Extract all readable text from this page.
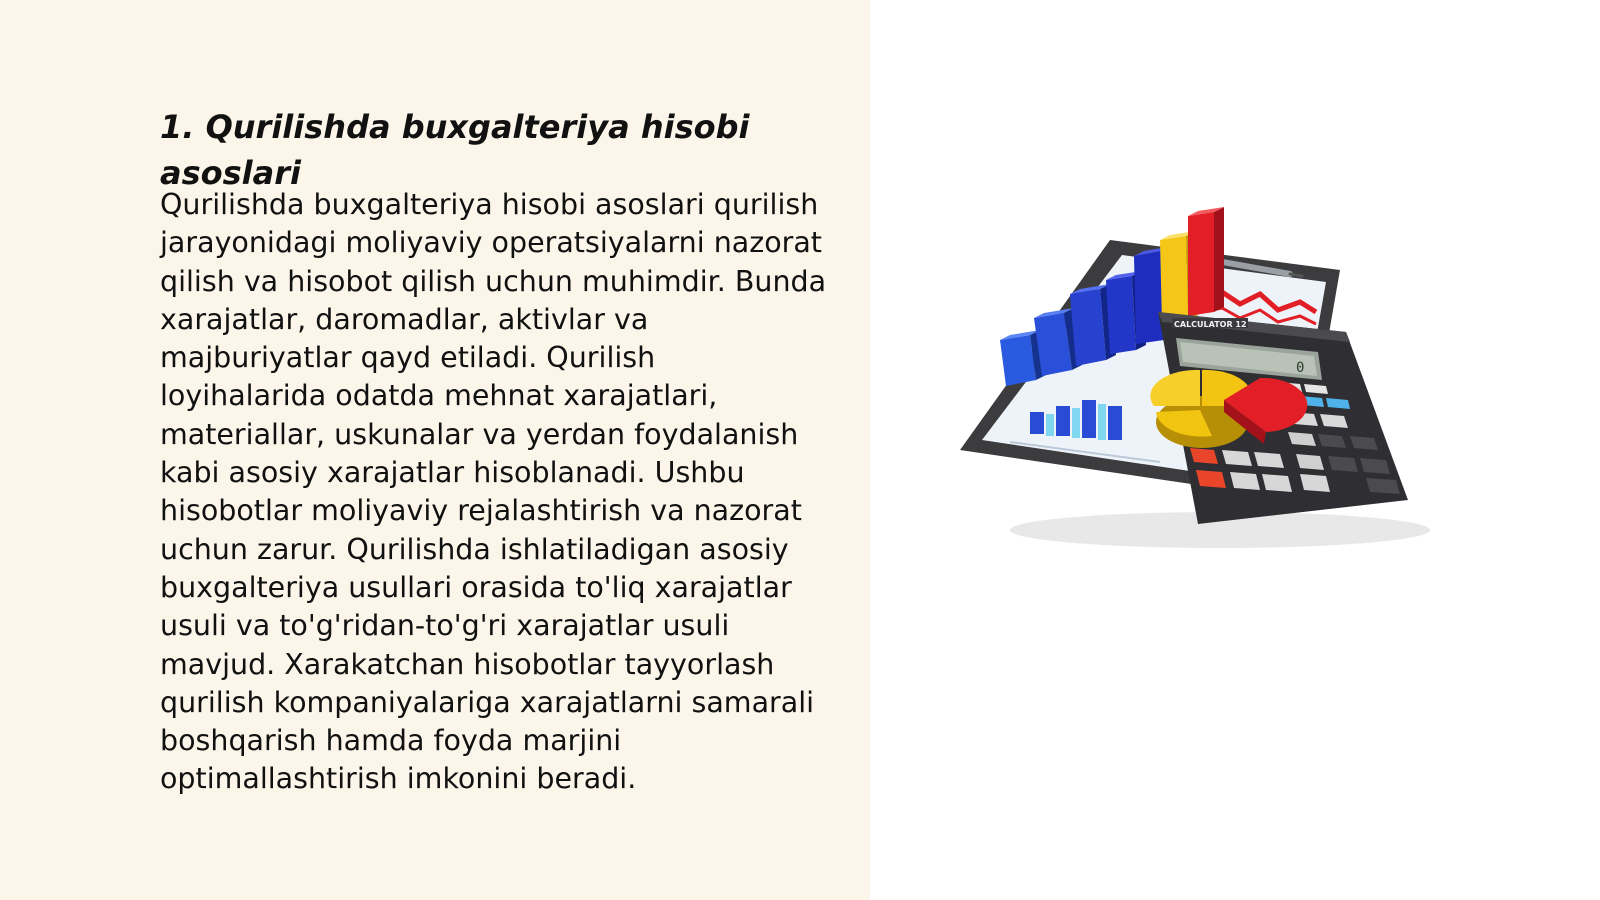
1. Qurilishda buxgalteriya hisobi asoslari

Qurilishda buxgalteriya hisobi asoslari qurilish jarayonidagi moliyaviy operatsiyalarni nazorat qilish va hisobot qilish uchun muhimdir. Bunda xarajatlar, daromadlar, aktivlar va majburiyatlar qayd etiladi. Qurilish loyihalarida odatda mehnat xarajatlari, materiallar, uskunalar va yerdan foydalanish kabi asosiy xarajatlar hisoblanadi. Ushbu hisobotlar moliyaviy rejalashtirish va nazorat uchun zarur. Qurilishda ishlatiladigan asosiy buxgalteriya usullari orasida to'liq xarajatlar usuli va to'g'ridan-to'g'ri xarajatlar usuli mavjud. Xarakatchan hisobotlar tayyorlash qurilish kompaniyalariga xarajatlarni samarali boshqarish hamda foyda marjini optimallashtirish imkonini beradi.

CALCULATOR 12
0
